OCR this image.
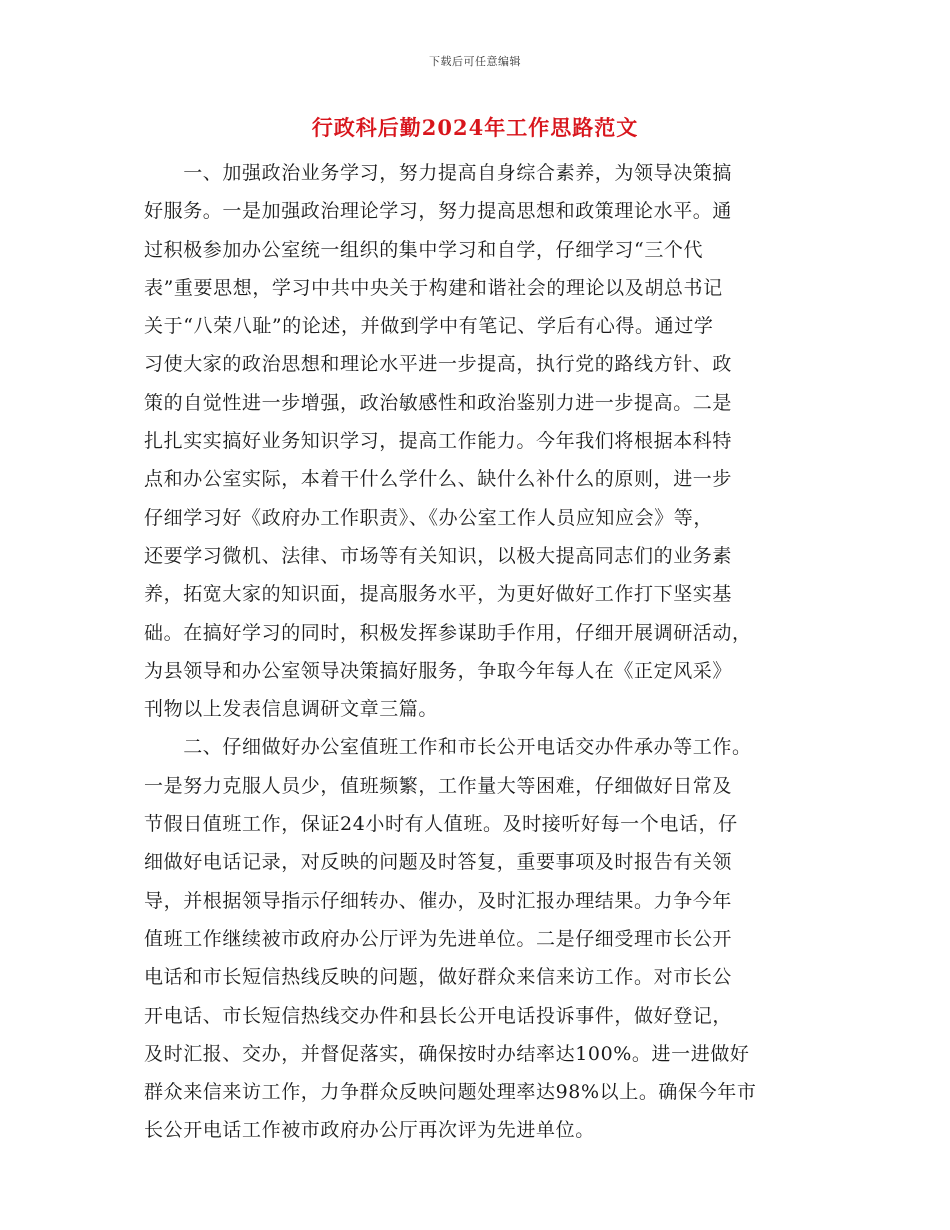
下载后可任意编辑
行政科后勤2024年工作思路范文
　　一、加强政治业务学习，努力提高自身综合素养，为领导决策搞
好服务。一是加强政治理论学习，努力提高思想和政策理论水平。通
过积极参加办公室统一组织的集中学习和自学，仔细学习“三个代
表”重要思想，学习中共中央关于构建和谐社会的理论以及胡总书记
关于“八荣八耻”的论述，并做到学中有笔记、学后有心得。通过学
习使大家的政治思想和理论水平进一步提高，执行党的路线方针、政
策的自觉性进一步增强，政治敏感性和政治鉴别力进一步提高。二是
扎扎实实搞好业务知识学习，提高工作能力。今年我们将根据本科特
点和办公室实际，本着干什么学什么、缺什么补什么的原则，进一步
仔细学习好《政府办工作职责》、《办公室工作人员应知应会》等，
还要学习微机、法律、市场等有关知识，以极大提高同志们的业务素
养，拓宽大家的知识面，提高服务水平，为更好做好工作打下坚实基
础。在搞好学习的同时，积极发挥参谋助手作用，仔细开展调研活动，
为县领导和办公室领导决策搞好服务，争取今年每人在《正定风采》
刊物以上发表信息调研文章三篇。
　　二、仔细做好办公室值班工作和市长公开电话交办件承办等工作。
一是努力克服人员少，值班频繁，工作量大等困难，仔细做好日常及
节假日值班工作，保证24小时有人值班。及时接听好每一个电话，仔
细做好电话记录，对反映的问题及时答复，重要事项及时报告有关领
导，并根据领导指示仔细转办、催办，及时汇报办理结果。力争今年
值班工作继续被市政府办公厅评为先进单位。二是仔细受理市长公开
电话和市长短信热线反映的问题，做好群众来信来访工作。对市长公
开电话、市长短信热线交办件和县长公开电话投诉事件，做好登记，
及时汇报、交办，并督促落实，确保按时办结率达100%。进一进做好
群众来信来访工作，力争群众反映问题处理率达98%以上。确保今年市
长公开电话工作被市政府办公厅再次评为先进单位。
